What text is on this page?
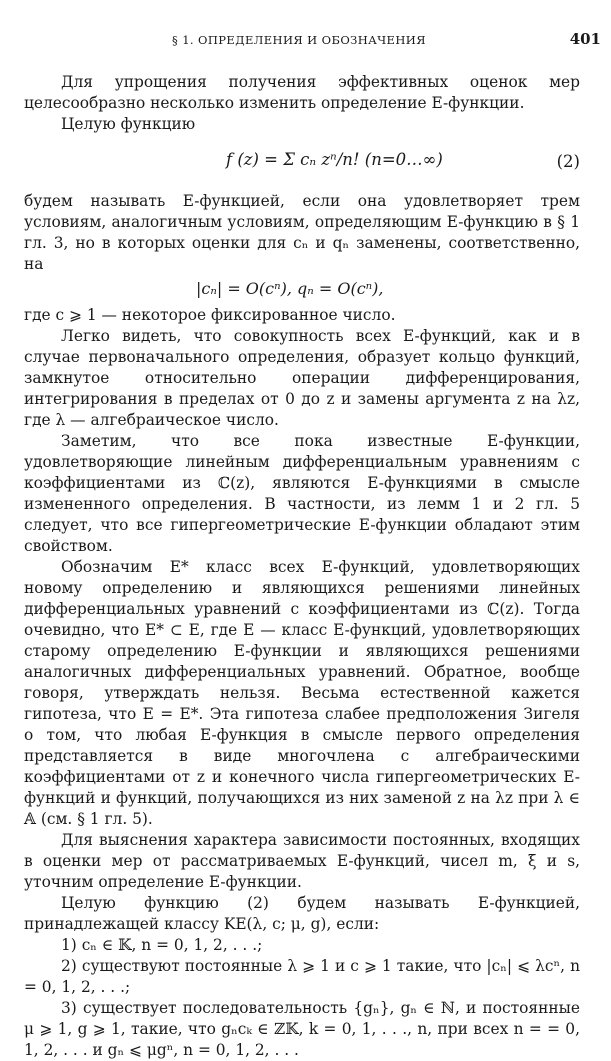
§ 1. ОПРЕДЕЛЕНИЯ И ОБОЗНАЧЕНИЯ	401

Для упрощения получения эффективных оценок мер целесообразно несколько изменить определение E-функции.

Целую функцию

f (z) = Σ cₙ zⁿ/n! (n=0…∞)	(2)

будем называть E-функцией, если она удовлетворяет трем условиям, аналогичным условиям, определяющим E-функцию в § 1 гл. 3, но в которых оценки для cₙ и qₙ заменены, соответственно, на

|cₙ| = O(cⁿ), qₙ = O(cⁿ),

где c ⩾ 1 — некоторое фиксированное число.

Легко видеть, что совокупность всех E-функций, как и в случае первоначального определения, образует кольцо функций, замкнутое относительно операции дифференцирования, интегрирования в пределах от 0 до z и замены аргумента z на λz, где λ — алгебраическое число.

Заметим, что все пока известные E-функции, удовлетворяющие линейным дифференциальным уравнениям с коэффициентами из ℂ(z), являются E-функциями в смысле измененного определения. В частности, из лемм 1 и 2 гл. 5 следует, что все гипергеометрические E-функции обладают этим свойством.

Обозначим E* класс всех E-функций, удовлетворяющих новому определению и являющихся решениями линейных дифференциальных уравнений с коэффициентами из ℂ(z). Тогда очевидно, что E* ⊂ E, где E — класс E-функций, удовлетворяющих старому определению E-функции и являющихся решениями аналогичных дифференциальных уравнений. Обратное, вообще говоря, утверждать нельзя. Весьма естественной кажется гипотеза, что E = E*. Эта гипотеза слабее предположения Зигеля о том, что любая E-функция в смысле первого определения представляется в виде многочлена с алгебраическими коэффициентами от z и конечного числа гипергеометрических E-функций и функций, получающихся из них заменой z на λz при λ ∈ 𝔸 (см. § 1 гл. 5).

Для выяснения характера зависимости постоянных, входящих в оценки мер от рассматриваемых E-функций, чисел m, ξ и s, уточним определение E-функции.

Целую функцию (2) будем называть E-функцией, принадлежащей классу KE(λ, c; μ, g), если:

1) cₙ ∈ 𝕂, n = 0, 1, 2, . . .;

2) существуют постоянные λ ⩾ 1 и c ⩾ 1 такие, что |cₙ| ⩽ λcⁿ, n = 0, 1, 2, . . .;

3) существует последовательность {gₙ}, gₙ ∈ ℕ, и постоянные μ ⩾ 1, g ⩾ 1, такие, что gₙcₖ ∈ ℤ𝕂, k = 0, 1, . . ., n, при всех n = = 0, 1, 2, . . . и gₙ ⩽ μgⁿ, n = 0, 1, 2, . . .
